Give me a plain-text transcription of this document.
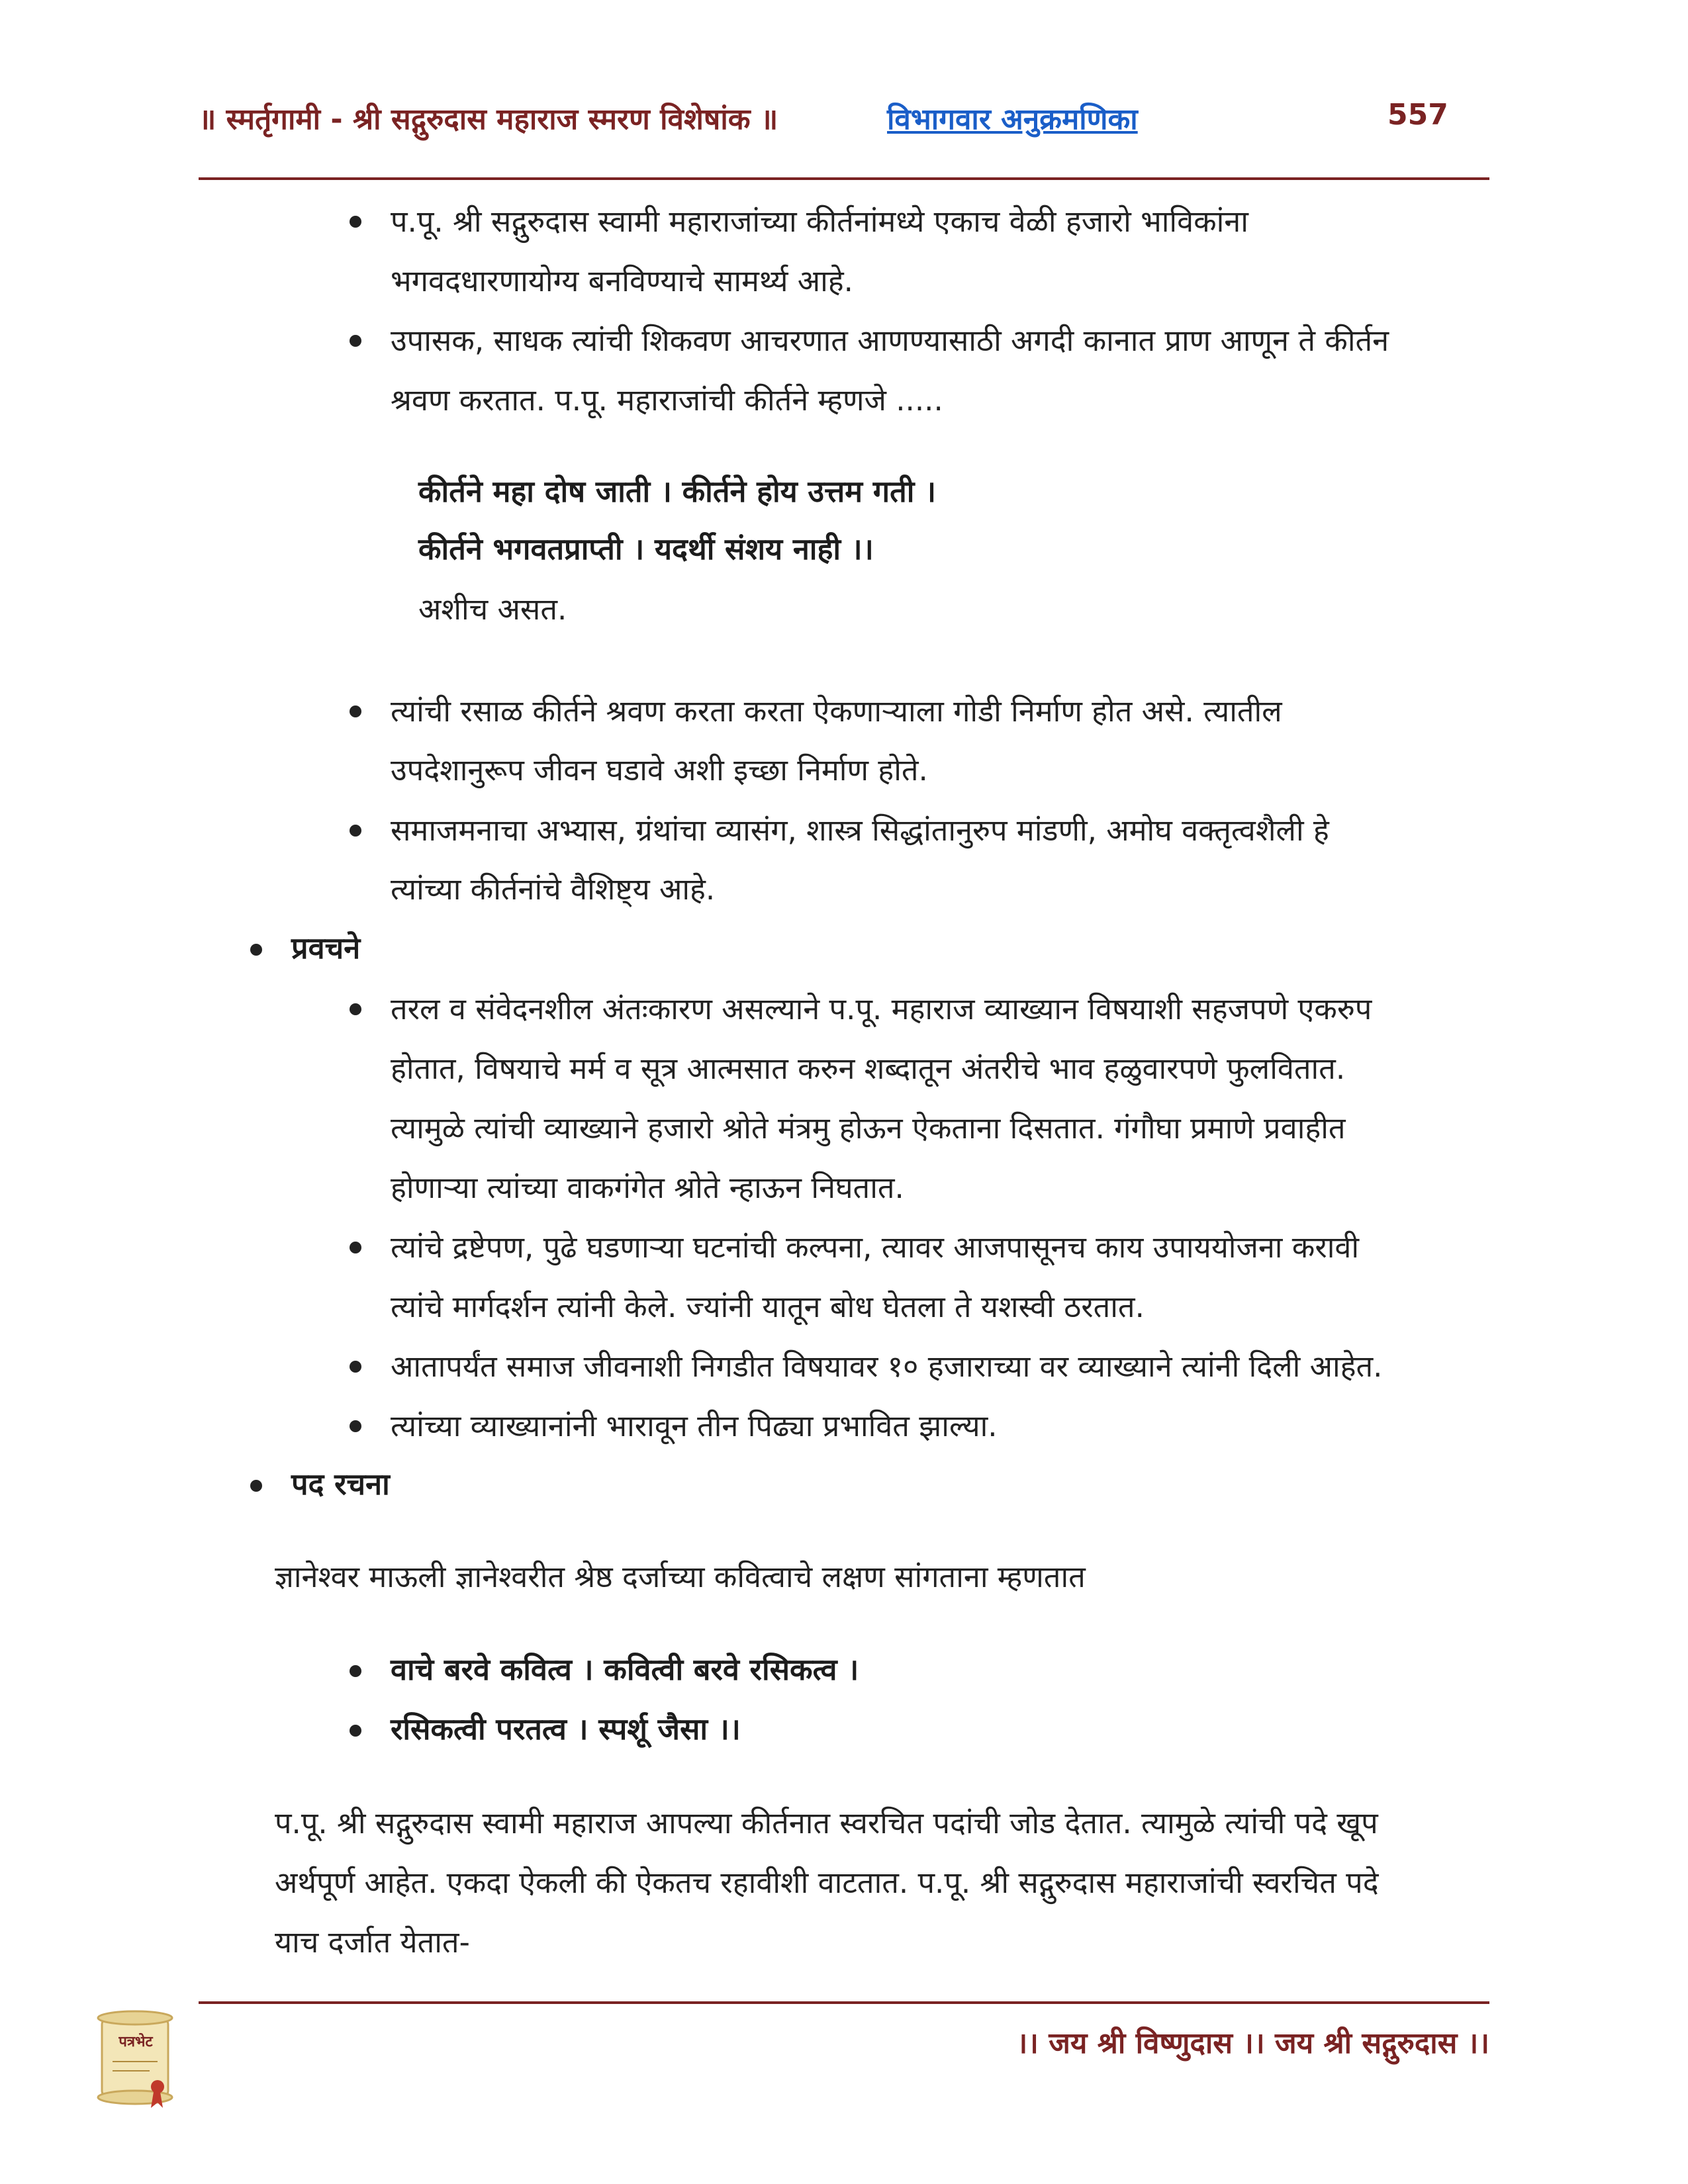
॥ स्मर्तृगामी - श्री सद्गुरुदास महाराज स्मरण विशेषांक ॥	विभागवार अनुक्रमणिका	557
प.पू. श्री सद्गुरुदास स्वामी महाराजांच्या कीर्तनांमध्ये एकाच वेळी हजारो भाविकांना
भगवदधारणायोग्य बनविण्याचे सामर्थ्य आहे.
उपासक, साधक त्यांची शिकवण आचरणात आणण्यासाठी अगदी कानात प्राण आणून ते कीर्तन
श्रवण करतात. प.पू. महाराजांची कीर्तने म्हणजे .....
कीर्तने महा दोष जाती । कीर्तने होय उत्तम गती ।
कीर्तने भगवतप्राप्ती । यदर्थी संशय नाही ।।
अशीच असत.
त्यांची रसाळ कीर्तने श्रवण करता करता ऐकणाऱ्याला गोडी निर्माण होत असे. त्यातील
उपदेशानुरूप जीवन घडावे अशी इच्छा निर्माण होते.
समाजमनाचा अभ्यास, ग्रंथांचा व्यासंग, शास्त्र सिद्धांतानुरुप मांडणी, अमोघ वक्तृत्वशैली हे
त्यांच्या कीर्तनांचे वैशिष्ट्य आहे.
प्रवचने
तरल व संवेदनशील अंतःकारण असल्याने प.पू. महाराज व्याख्यान विषयाशी सहजपणे एकरुप
होतात, विषयाचे मर्म व सूत्र आत्मसात करुन शब्दातून अंतरीचे भाव हळुवारपणे फुलवितात.
त्यामुळे त्यांची व्याख्याने हजारो श्रोते मंत्रमु होऊन ऐकताना दिसतात. गंगौघा प्रमाणे प्रवाहीत
होणाऱ्या त्यांच्या वाकगंगेत श्रोते न्हाऊन निघतात.
त्यांचे द्रष्टेपण, पुढे घडणाऱ्या घटनांची कल्पना, त्यावर आजपासूनच काय उपाययोजना करावी
त्यांचे मार्गदर्शन त्यांनी केले. ज्यांनी यातून बोध घेतला ते यशस्वी ठरतात.
आतापर्यंत समाज जीवनाशी निगडीत विषयावर १० हजाराच्या वर व्याख्याने त्यांनी दिली आहेत.
त्यांच्या व्याख्यानांनी भारावून तीन पिढ्या प्रभावित झाल्या.
पद रचना
ज्ञानेश्वर माऊली ज्ञानेश्वरीत श्रेष्ठ दर्जाच्या कवित्वाचे लक्षण सांगताना म्हणतात
वाचे बरवे कवित्व । कवित्वी बरवे रसिकत्व ।
रसिकत्वी परतत्व । स्पर्शू जैसा ।।
प.पू. श्री सद्गुरुदास स्वामी महाराज आपल्या कीर्तनात स्वरचित पदांची जोड देतात. त्यामुळे त्यांची पदे खूप
अर्थपूर्ण आहेत. एकदा ऐकली की ऐकतच रहावीशी वाटतात. प.पू. श्री सद्गुरुदास महाराजांची स्वरचित पदे
याच दर्जात येतात-
पत्रभेट	।। जय श्री विष्णुदास ।। जय श्री सद्गुरुदास ।।
